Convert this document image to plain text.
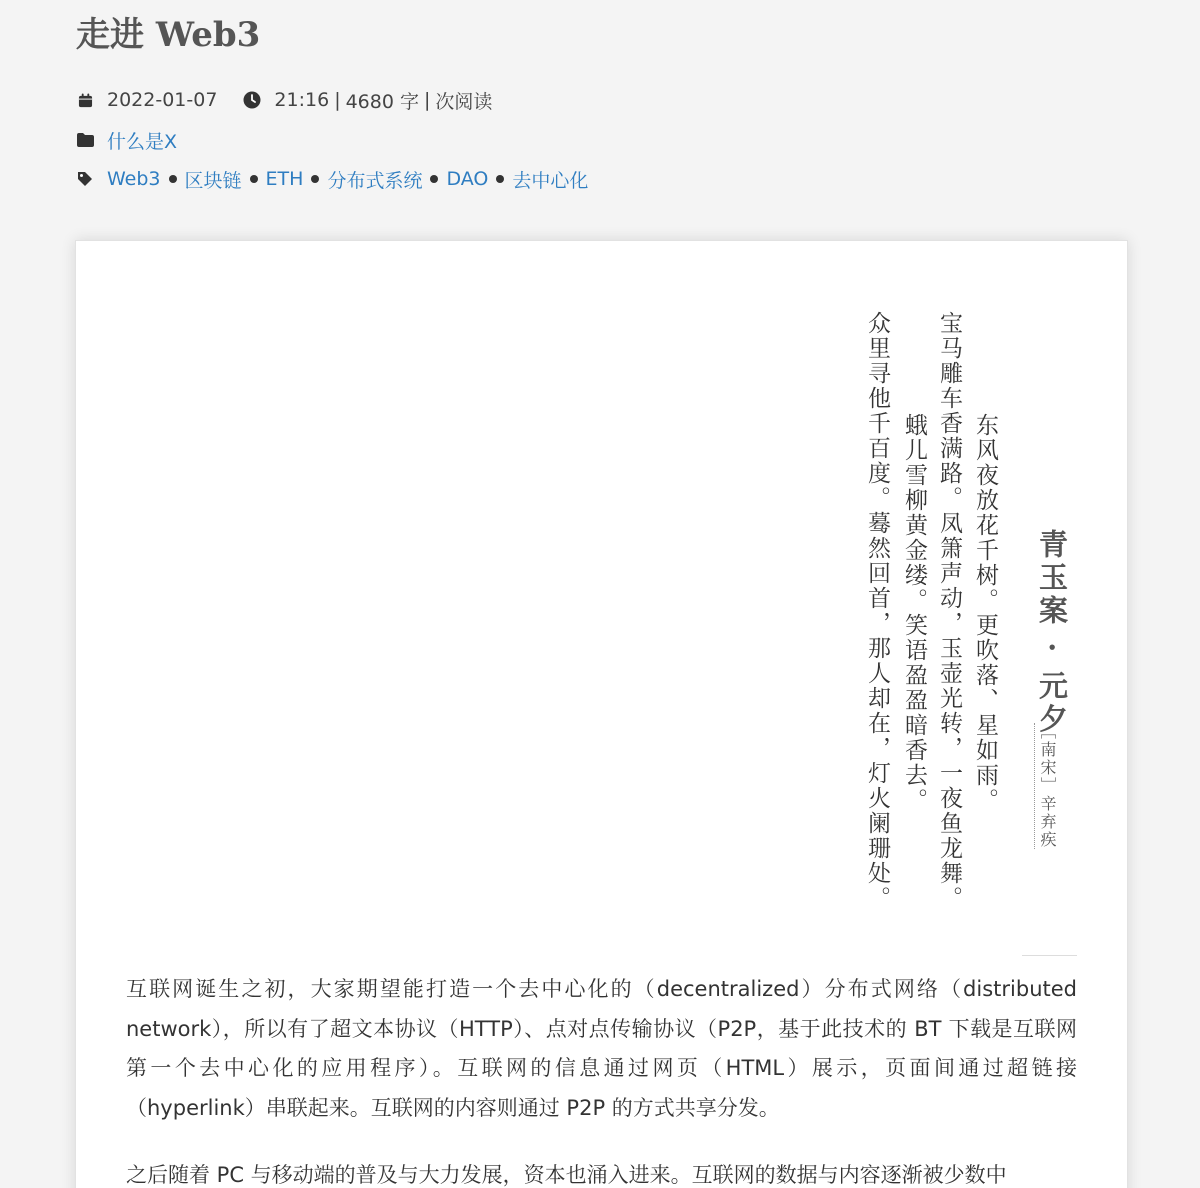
走进 Web3
2022-01-07	21:16 | 4680 字 | 次阅读
什么是X
Web3 区块链 ETH 分布式系统 DAO 去中心化
青玉案 · 元夕
［南宋］辛弃疾
东风夜放花千树。更吹落、星如雨。
宝马雕车香满路。凤箫声动，玉壶光转，一夜鱼龙舞。
蛾儿雪柳黄金缕。笑语盈盈暗香去。
众里寻他千百度。蓦然回首，那人却在，灯火阑珊处。

互联网诞生之初，大家期望能打造一个去中心化的（decentralized）分布式网络（distributed network），所以有了超文本协议（HTTP）、点对点传输协议（P2P，基于此技术的 BT 下载是互联网第一个去中心化的应用程序）。互联网的信息通过网页（HTML）展示，页面间通过超链接（hyperlink）串联起来。互联网的内容则通过 P2P 的方式共享分发。

之后随着 PC 与移动端的普及与大力发展，资本也涌入进来。互联网的数据与内容逐渐被少数中
